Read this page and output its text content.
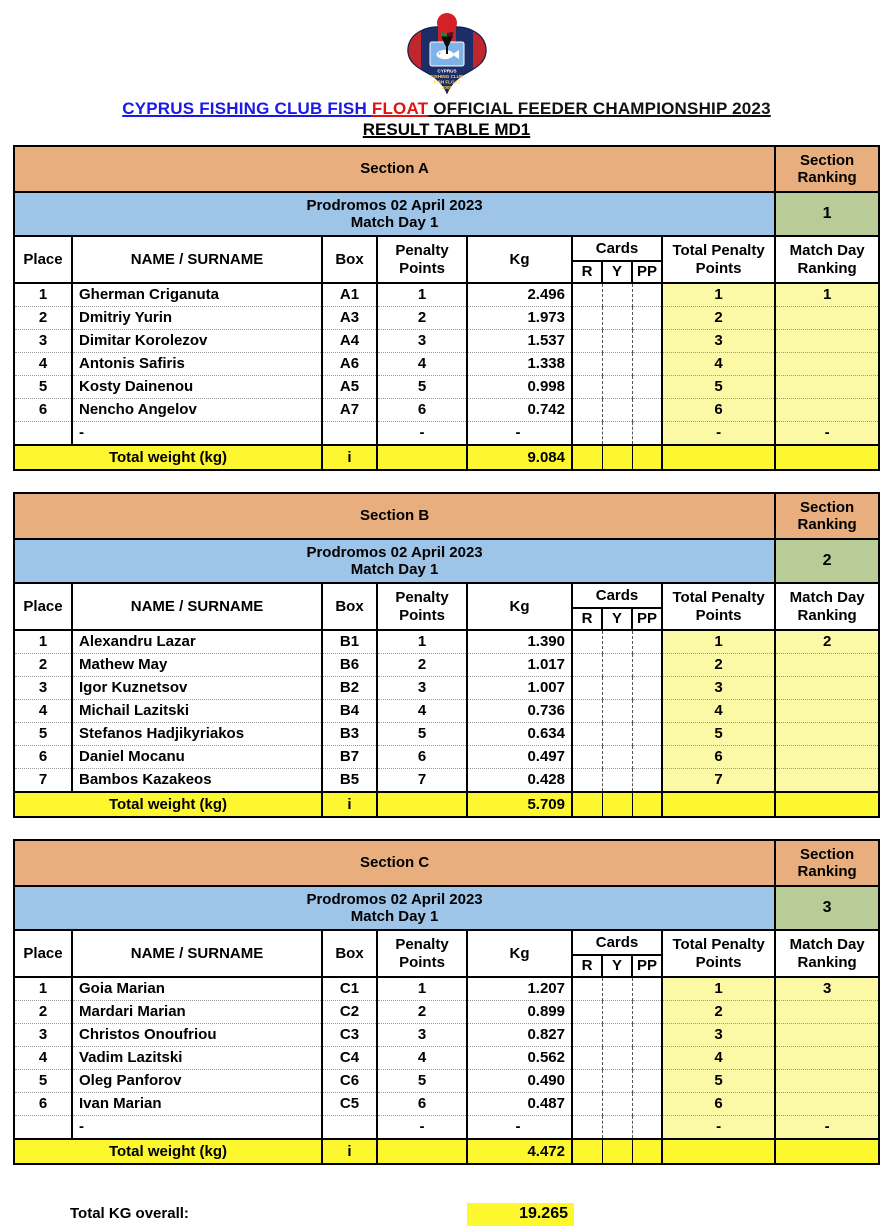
CYPRUS
FISHING CLUB
FISH FLOAT
2009
CYPRUS FISHING CLUB FISH FLOAT OFFICIAL FEEDER CHAMPIONSHIP 2023
RESULT TABLE MD1
Section A									Section Ranking

Prodromos 02 April 2023
Match Day 1									1
Place	NAME / SURNAME	Box	Penalty Points	Kg	Cards			Total Penalty Points	Match Day Ranking
					R	Y	PP		
1	Gherman Criganuta	A1	1	2.496				1	1
2	Dmitriy Yurin	A3	2	1.973				2	
3	Dimitar Korolezov	A4	3	1.537				3	
4	Antonis Safiris	A6	4	1.338				4	
5	Kosty Dainenou	A5	5	0.998				5	
6	Nencho Angelov	A7	6	0.742				6	
	-		-	-				-	-
Total weight (kg)		i		9.084					
Section B									Section Ranking

Prodromos 02 April 2023
Match Day 1									2
Place	NAME / SURNAME	Box	Penalty Points	Kg	Cards			Total Penalty Points	Match Day Ranking
					R	Y	PP		
1	Alexandru Lazar	B1	1	1.390				1	2
2	Mathew May	B6	2	1.017				2	
3	Igor Kuznetsov	B2	3	1.007				3	
4	Michail Lazitski	B4	4	0.736				4	
5	Stefanos Hadjikyriakos	B3	5	0.634				5	
6	Daniel Mocanu	B7	6	0.497				6	
7	Bambos Kazakeos	B5	7	0.428				7	
Total weight (kg)		i		5.709					
Section C									Section Ranking

Prodromos 02 April 2023
Match Day 1									3
Place	NAME / SURNAME	Box	Penalty Points	Kg	Cards			Total Penalty Points	Match Day Ranking
					R	Y	PP		
1	Goia Marian	C1	1	1.207				1	3
2	Mardari Marian	C2	2	0.899				2	
3	Christos Onoufriou	C3	3	0.827				3	
4	Vadim Lazitski	C4	4	0.562				4	
5	Oleg Panforov	C6	5	0.490				5	
6	Ivan Marian	C5	6	0.487				6	
	-		-	-				-	-
Total weight (kg)		i		4.472					
Total KG overall:	19.265
